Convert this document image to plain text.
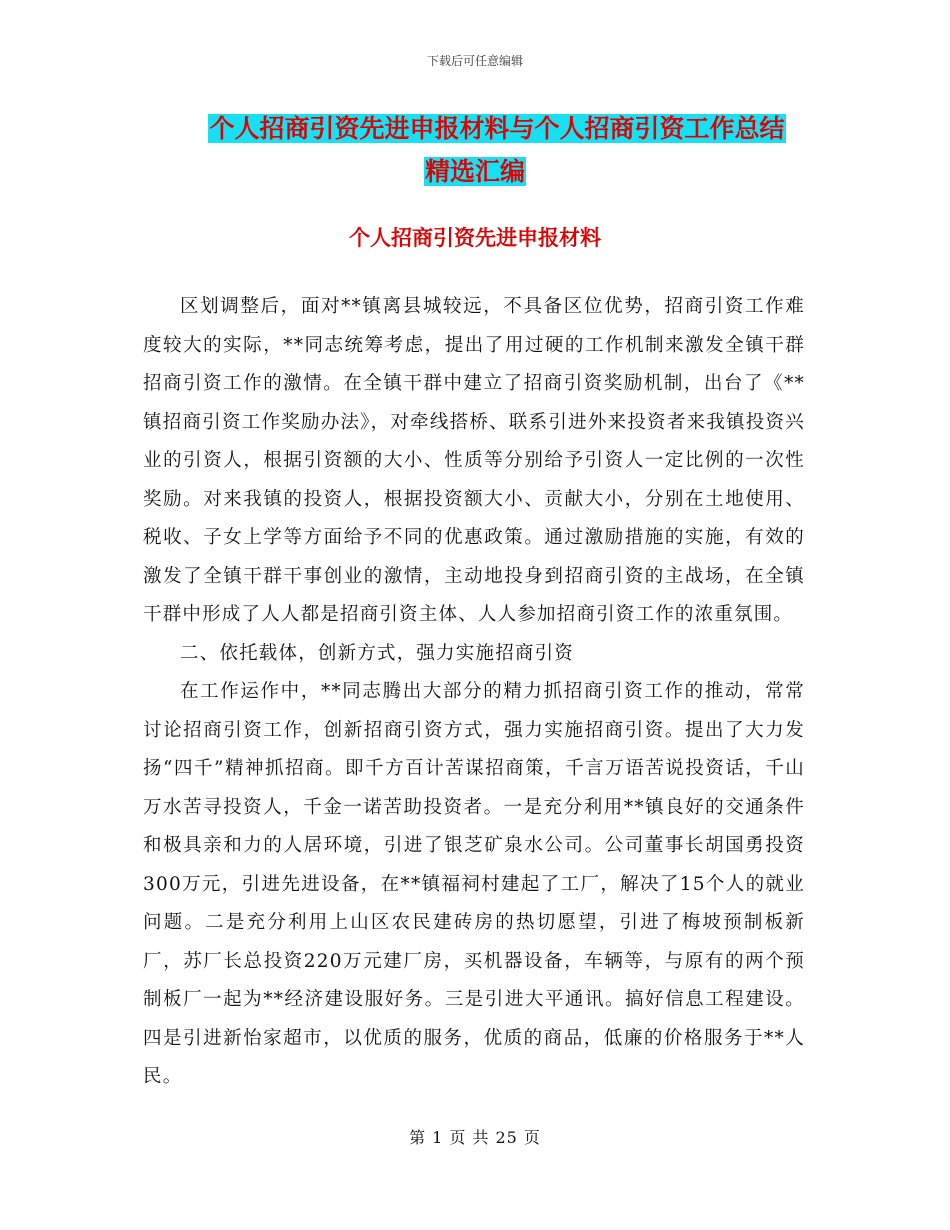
下载后可任意编辑
个人招商引资先进申报材料与个人招商引资工作总结
精选汇编
个人招商引资先进申报材料

区划调整后，面对**镇离县城较远，不具备区位优势，招商引资工作难度较大的实际，**同志统筹考虑，提出了用过硬的工作机制来激发全镇干群招商引资工作的激情。在全镇干群中建立了招商引资奖励机制，出台了《**镇招商引资工作奖励办法》，对牵线搭桥、联系引进外来投资者来我镇投资兴业的引资人，根据引资额的大小、性质等分别给予引资人一定比例的一次性奖励。对来我镇的投资人，根据投资额大小、贡献大小，分别在土地使用、税收、子女上学等方面给予不同的优惠政策。通过激励措施的实施，有效的激发了全镇干群干事创业的激情，主动地投身到招商引资的主战场，在全镇干群中形成了人人都是招商引资主体、人人参加招商引资工作的浓重氛围。

二、依托载体，创新方式，强力实施招商引资

在工作运作中，**同志腾出大部分的精力抓招商引资工作的推动，常常讨论招商引资工作，创新招商引资方式，强力实施招商引资。提出了大力发扬“四千”精神抓招商。即千方百计苦谋招商策，千言万语苦说投资话，千山万水苦寻投资人，千金一诺苦助投资者。一是充分利用**镇良好的交通条件和极具亲和力的人居环境，引进了银芝矿泉水公司。公司董事长胡国勇投资300万元，引进先进设备，在**镇福祠村建起了工厂，解决了15个人的就业问题。二是充分利用上山区农民建砖房的热切愿望，引进了梅坡预制板新厂，苏厂长总投资220万元建厂房，买机器设备，车辆等，与原有的两个预制板厂一起为**经济建设服好务。三是引进大平通讯。搞好信息工程建设。四是引进新怡家超市，以优质的服务，优质的商品，低廉的价格服务于**人民。

第 1 页 共 25 页
